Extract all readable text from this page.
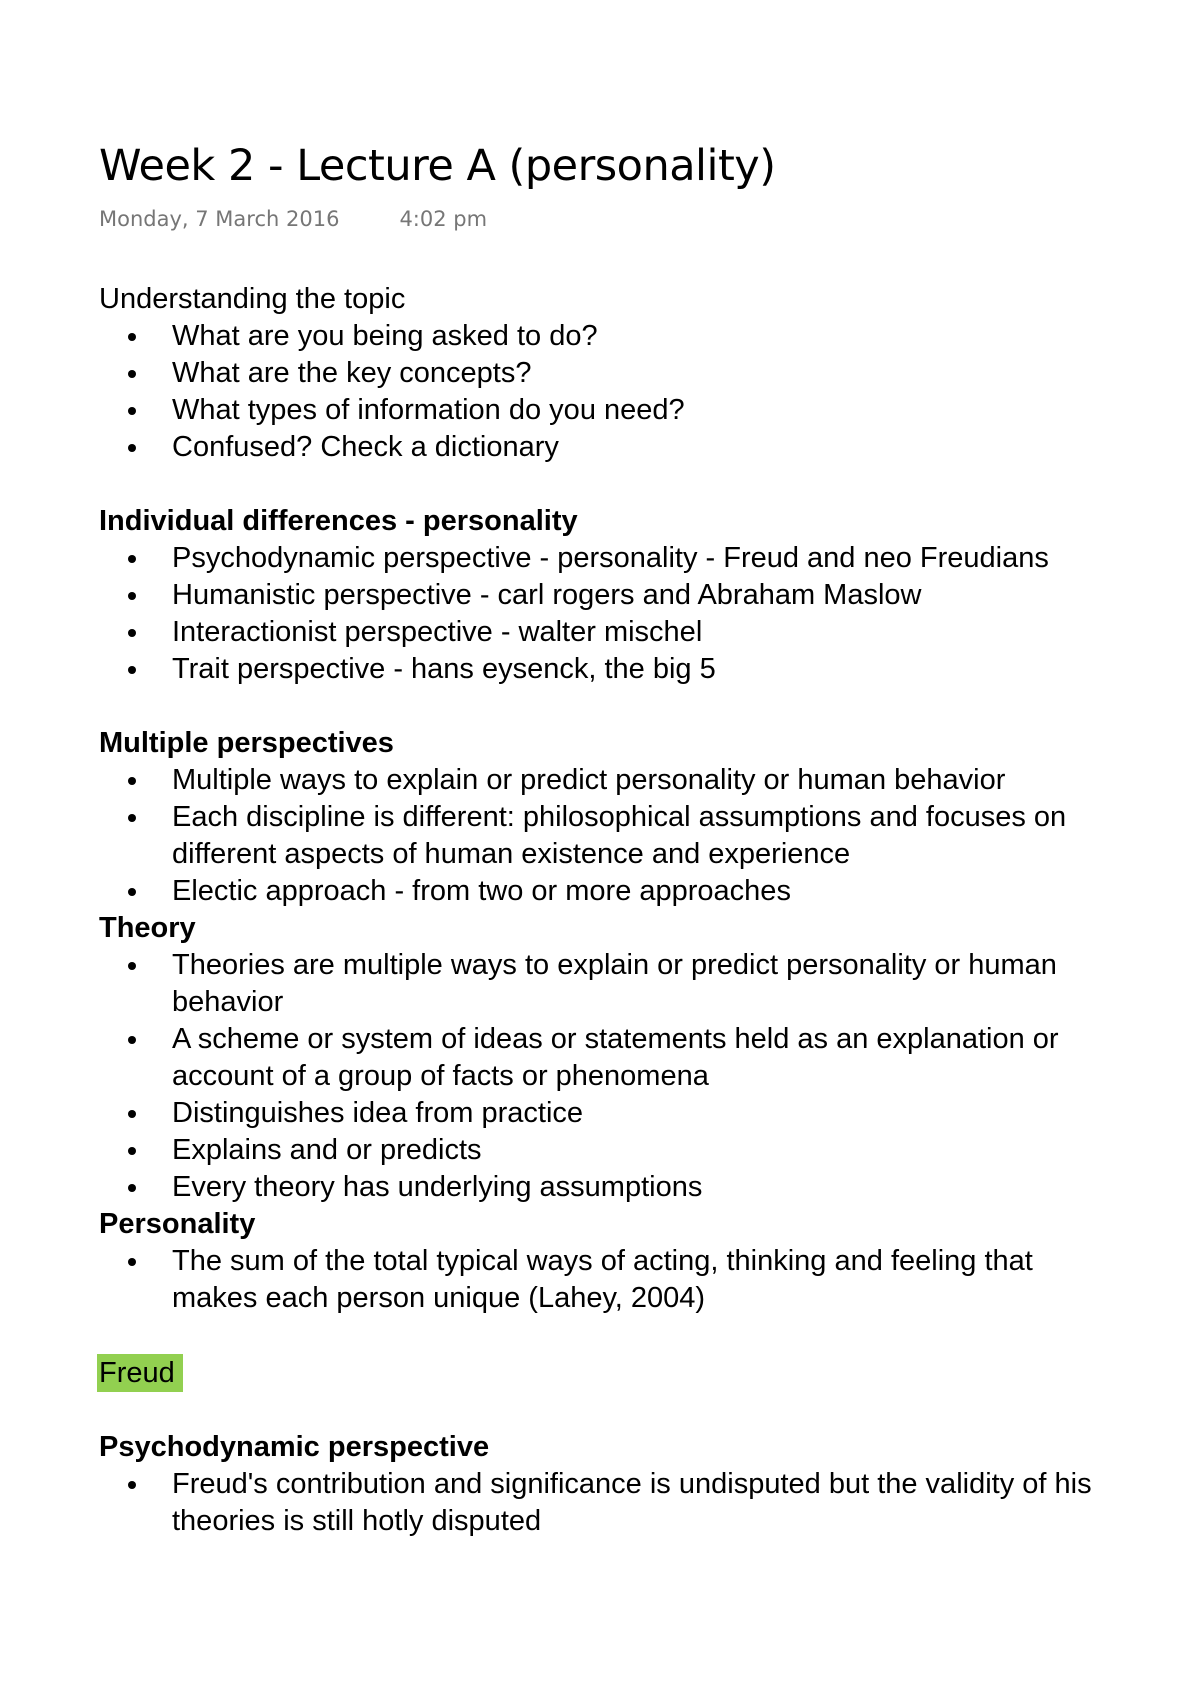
Week 2 - Lecture A (personality)
Monday, 7 March 2016	4:02 pm
Understanding the topic
What are you being asked to do?
What are the key concepts?
What types of information do you need?
Confused? Check a dictionary
Individual differences - personality
Psychodynamic perspective - personality - Freud and neo Freudians
Humanistic perspective - carl rogers and Abraham Maslow
Interactionist perspective - walter mischel
Trait perspective - hans eysenck, the big 5
Multiple perspectives
Multiple ways to explain or predict personality or human behavior
Each discipline is different: philosophical assumptions and focuses on different aspects of human existence and experience
Electic approach - from two or more approaches
Theory
Theories are multiple ways to explain or predict personality or human behavior
A scheme or system of ideas or statements held as an explanation or account of a group of facts or phenomena
Distinguishes idea from practice
Explains and or predicts
Every theory has underlying assumptions
Personality
The sum of the total typical ways of acting, thinking and feeling that makes each person unique (Lahey, 2004)
Freud
Psychodynamic perspective
Freud's contribution and significance is undisputed but the validity of his theories is still hotly disputed
